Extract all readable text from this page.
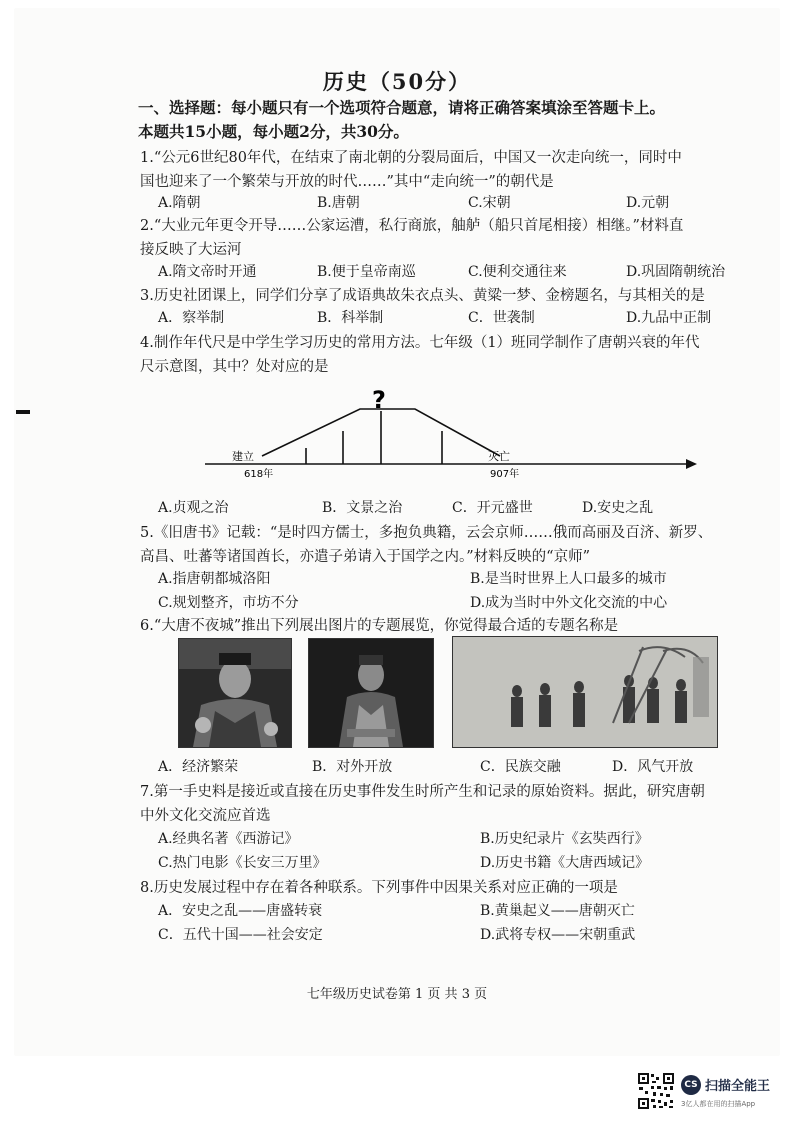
历史（50分）
一、选择题：每小题只有一个选项符合题意，请将正确答案填涂至答题卡上。
本题共15小题，每小题2分，共30分。
1.“公元6世纪80年代，在结束了南北朝的分裂局面后，中国又一次走向统一，同时中
国也迎来了一个繁荣与开放的时代……”其中“走向统一”的朝代是
A.隋朝	B.唐朝	C.宋朝	D.元朝
2.“大业元年更令开导……公家运漕，私行商旅，舳舻（船只首尾相接）相继。”材料直
接反映了大运河
A.隋文帝时开通	B.便于皇帝南巡	C.便利交通往来	D.巩固隋朝统治
3.历史社团课上，同学们分享了成语典故朱衣点头、黄粱一梦、金榜题名，与其相关的是
A．察举制	B．科举制	C．世袭制	D.九品中正制
4.制作年代尺是中学生学习历史的常用方法。七年级（1）班同学制作了唐朝兴衰的年代
尺示意图，其中？处对应的是
?
建立
618年
灭亡
907年
A.贞观之治	B．文景之治	C．开元盛世	D.安史之乱
5.《旧唐书》记载：“是时四方儒士，多抱负典籍，云会京师……俄而高丽及百济、新罗、
高昌、吐蕃等诸国酋长，亦遣子弟请入于国学之内。”材料反映的“京师”
A.指唐朝都城洛阳	B.是当时世界上人口最多的城市
C.规划整齐，市坊不分	D.成为当时中外文化交流的中心
6.“大唐不夜城”推出下列展出图片的专题展览，你觉得最合适的专题名称是
A．经济繁荣	B．对外开放	C．民族交融	D．风气开放
7.第一手史料是接近或直接在历史事件发生时所产生和记录的原始资料。据此，研究唐朝
中外文化交流应首选
A.经典名著《西游记》	B.历史纪录片《玄奘西行》
C.热门电影《长安三万里》	D.历史书籍《大唐西域记》
8.历史发展过程中存在着各种联系。下列事件中因果关系对应正确的一项是
A．安史之乱——唐盛转衰	B.黄巢起义——唐朝灭亡
C．五代十国——社会安定	D.武将专权——宋朝重武
七年级历史试卷第 1 页 共 3 页
CS 扫描全能王
3亿人都在用的扫描App
